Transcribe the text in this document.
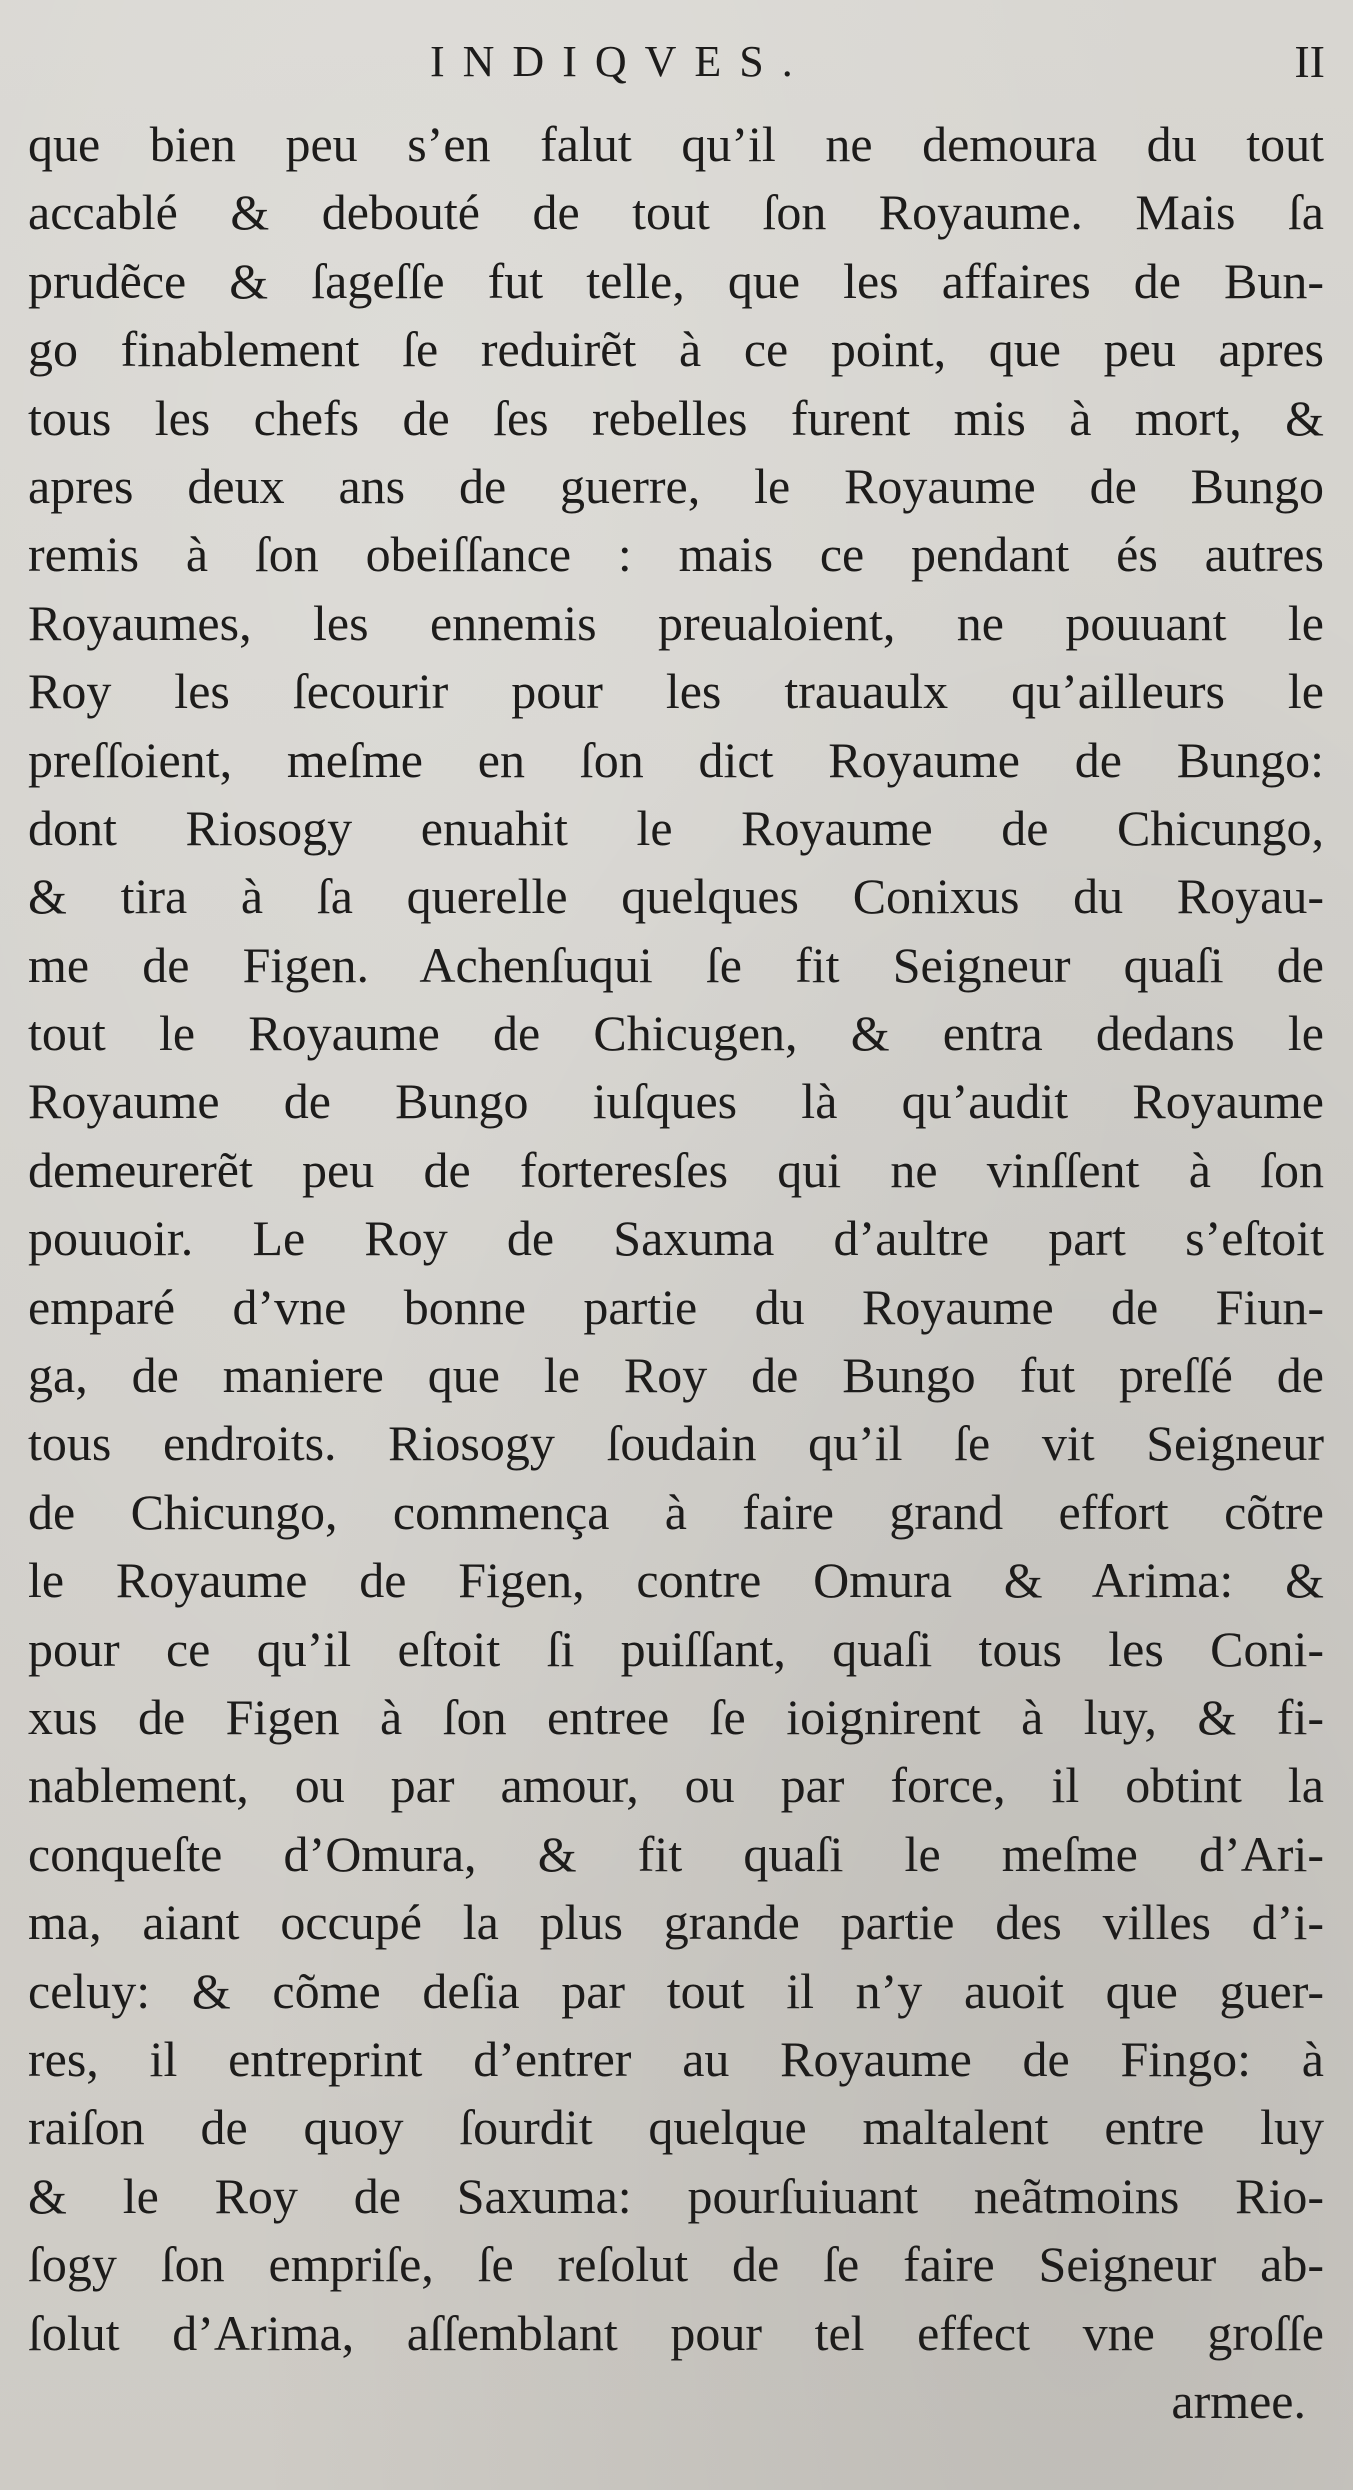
INDIQVES.	II
que bien peu s’en falut qu’il ne demoura du tout
accablé & debouté de tout ſon Royaume. Mais ſa
prudẽce & ſageſſe fut telle, que les affaires de Bun-
go finablement ſe reduirẽt à ce point, que peu apres
tous les chefs de ſes rebelles furent mis à mort, &
apres deux ans de guerre, le Royaume de Bungo
remis à ſon obeiſſance : mais ce pendant és autres
Royaumes, les ennemis preualoient, ne pouuant le
Roy les ſecourir pour les trauaulx qu’ailleurs le
preſſoient, meſme en ſon dict Royaume de Bungo:
dont Riosogy enuahit le Royaume de Chicungo,
& tira à ſa querelle quelques Conixus du Royau-
me de Figen. Achenſuqui ſe fit Seigneur quaſi de
tout le Royaume de Chicugen, & entra dedans le
Royaume de Bungo iuſques là qu’audit Royaume
demeurerẽt peu de forteresſes qui ne vinſſent à ſon
pouuoir. Le Roy de Saxuma d’aultre part s’eſtoit
emparé d’vne bonne partie du Royaume de Fiun-
ga, de maniere que le Roy de Bungo fut preſſé de
tous endroits. Riosogy ſoudain qu’il ſe vit Seigneur
de Chicungo, commença à faire grand effort cõtre
le Royaume de Figen, contre Omura & Arima: &
pour ce qu’il eſtoit ſi puiſſant, quaſi tous les Coni-
xus de Figen à ſon entree ſe ioignirent à luy, & fi-
nablement, ou par amour, ou par force, il obtint la
conqueſte d’Omura, & fit quaſi le meſme d’Ari-
ma, aiant occupé la plus grande partie des villes d’i-
celuy: & cõme deſia par tout il n’y auoit que guer-
res, il entreprint d’entrer au Royaume de Fingo: à
raiſon de quoy ſourdit quelque maltalent entre luy
& le Roy de Saxuma: pourſuiuant neãtmoins Rio-
ſogy ſon empriſe, ſe reſolut de ſe faire Seigneur ab-
ſolut d’Arima, aſſemblant pour tel effect vne groſſe
armee.
